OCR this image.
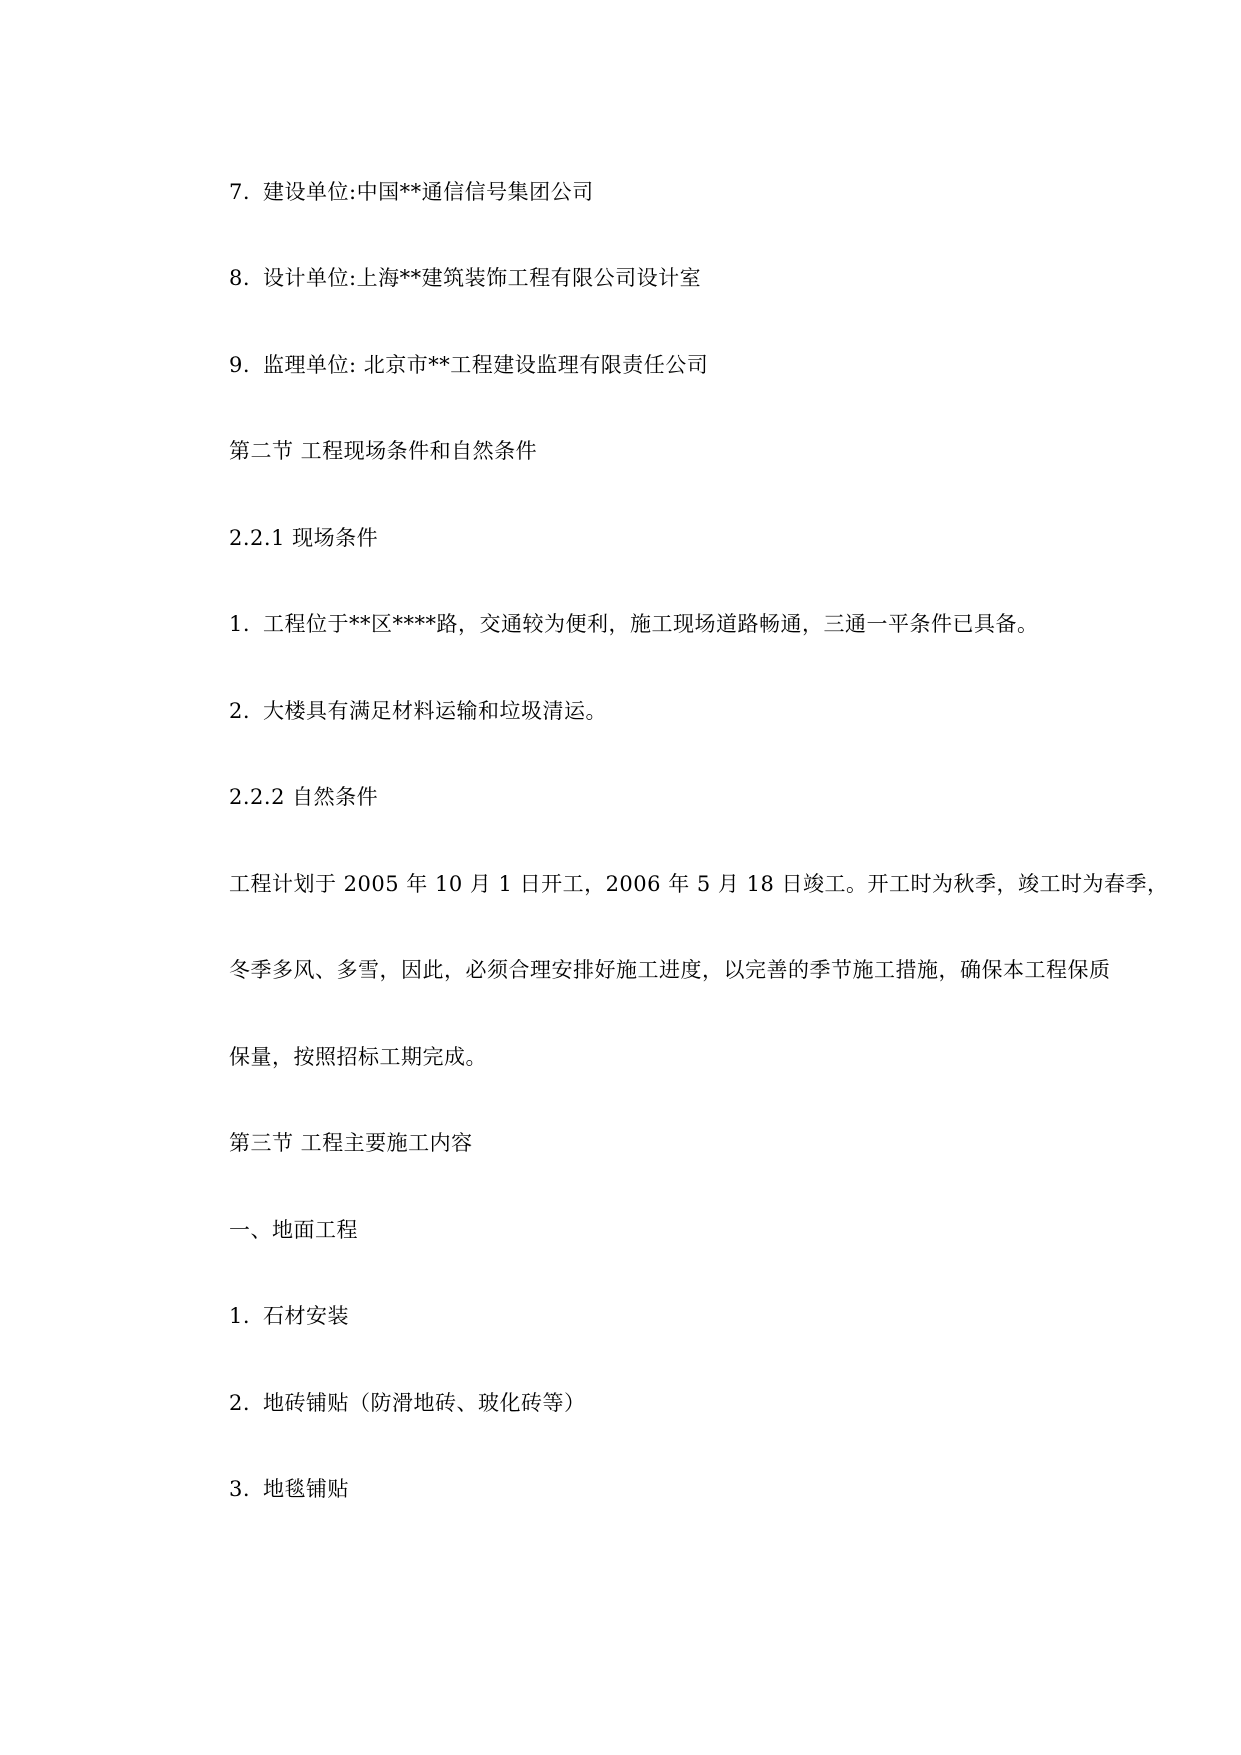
7. 建设单位:中国**通信信号集团公司
8. 设计单位:上海**建筑装饰工程有限公司设计室
9. 监理单位: 北京市**工程建设监理有限责任公司
第二节 工程现场条件和自然条件
2.2.1 现场条件
1. 工程位于**区****路，交通较为便利，施工现场道路畅通，三通一平条件已具备。
2. 大楼具有满足材料运输和垃圾清运。
2.2.2 自然条件
工程计划于 2005 年 10 月 1 日开工，2006 年 5 月 18 日竣工。开工时为秋季，竣工时为春季，
冬季多风、多雪，因此，必须合理安排好施工进度，以完善的季节施工措施，确保本工程保质
保量，按照招标工期完成。
第三节 工程主要施工内容
一、地面工程
1. 石材安装
2. 地砖铺贴（防滑地砖、玻化砖等）
3. 地毯铺贴
